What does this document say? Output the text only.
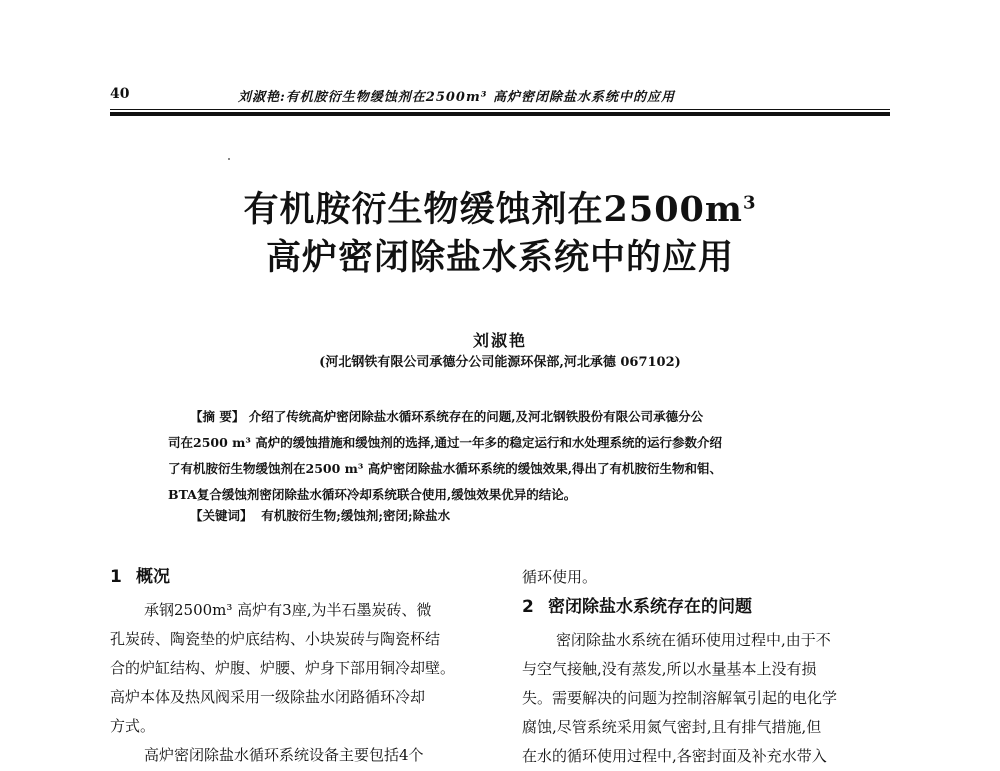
40	刘淑艳:有机胺衍生物缓蚀剂在2500m³ 高炉密闭除盐水系统中的应用
有机胺衍生物缓蚀剂在$2500m^3$
高炉密闭除盐水系统中的应用
刘淑艳
(河北钢铁有限公司承德分公司能源环保部,河北承德 067102)
【摘 要】 介绍了传统高炉密闭除盐水循环系统存在的问题,及河北钢铁股份有限公司承德分公
司在2500 m³ 高炉的缓蚀措施和缓蚀剂的选择,通过一年多的稳定运行和水处理系统的运行参数介绍
了有机胺衍生物缓蚀剂在2500 m³ 高炉密闭除盐水循环系统的缓蚀效果,得出了有机胺衍生物和钼、
BTA复合缓蚀剂密闭除盐水循环冷却系统联合使用,缓蚀效果优异的结论。
【关键词】 有机胺衍生物;缓蚀剂;密闭;除盐水
1 概况
承钢2500m³ 高炉有3座,为半石墨炭砖、微
孔炭砖、陶瓷垫的炉底结构、小块炭砖与陶瓷杯结
合的炉缸结构、炉腹、炉腰、炉身下部用铜冷却壁。
高炉本体及热风阀采用一级除盐水闭路循环冷却
方式。
高炉密闭除盐水循环系统设备主要包括4个
循环使用。
2 密闭除盐水系统存在的问题
密闭除盐水系统在循环使用过程中,由于不
与空气接触,没有蒸发,所以水量基本上没有损
失。需要解决的问题为控制溶解氧引起的电化学
腐蚀,尽管系统采用氮气密封,且有排气措施,但
在水的循环使用过程中,各密封面及补充水带入
